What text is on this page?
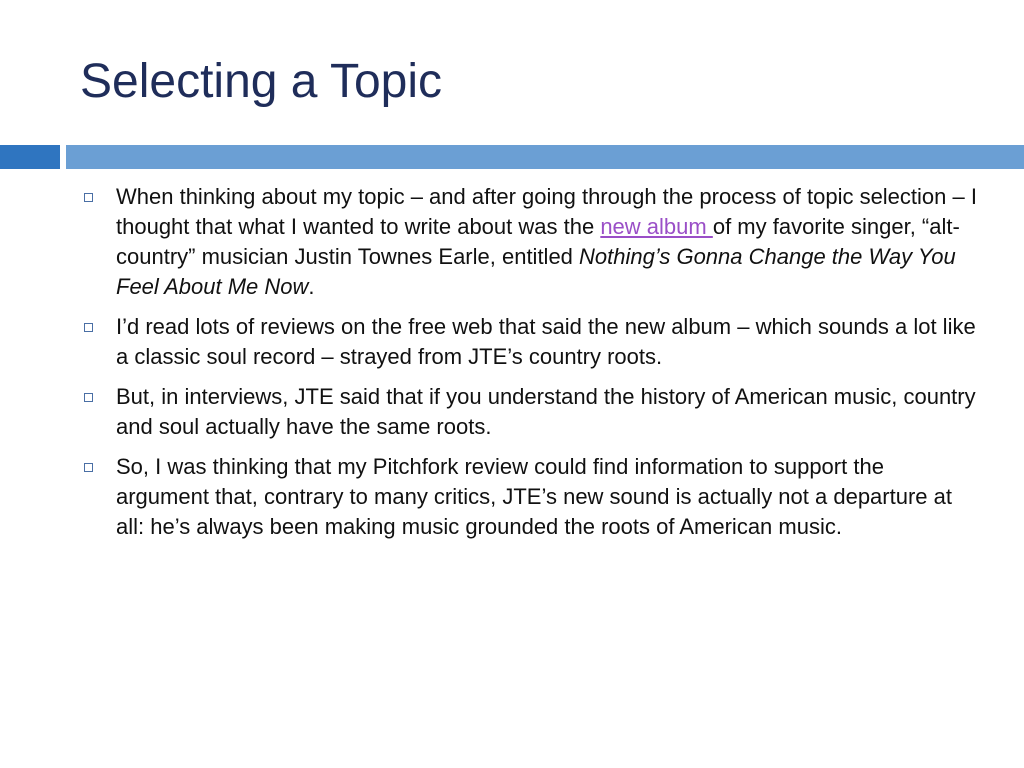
Selecting a Topic
When thinking about my topic – and after going through the process of topic selection – I thought that what I wanted to write about was the new album of my favorite singer, “alt-country” musician Justin Townes Earle, entitled Nothing’s Gonna Change the Way You Feel About Me Now.
I’d read lots of reviews on the free web that said the new album – which sounds a lot like a classic soul record – strayed from JTE’s country roots.
But, in interviews, JTE said that if you understand the history of American music, country and soul actually have the same roots.
So, I was thinking that my Pitchfork review could find information to support the argument that, contrary to many critics, JTE’s new sound is actually not a departure at all: he’s always been making music grounded the roots of American music.
